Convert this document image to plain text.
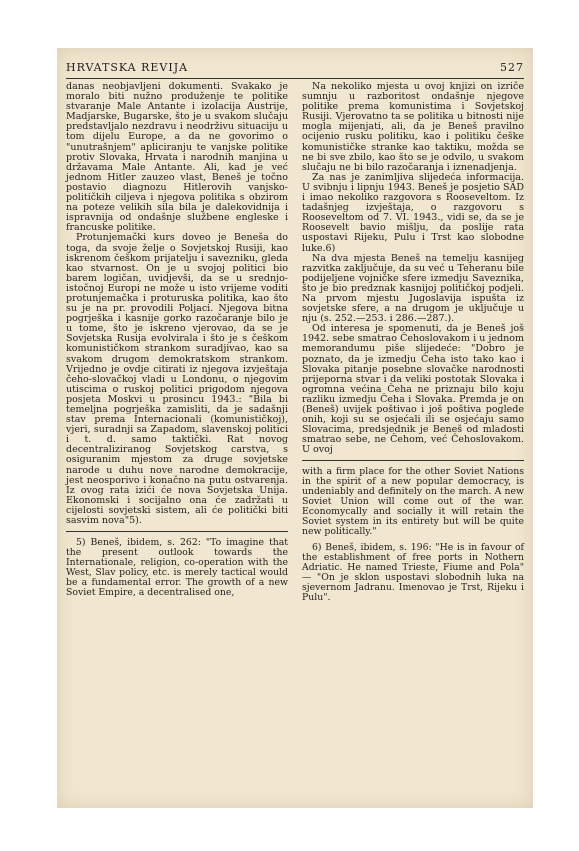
HRVATSKA REVIJA	527

danas neobjavljeni dokumenti. Svakako je moralo biti nužno produženje te politike stvaranje Male Antante i izolacija Austrije, Madjarske, Bugarske, što je u svakom slučaju predstavljalo nezdravu i neodrživu situaciju u tom dijelu Europe, a da ne govorimo o "unutrašnjem" apliciranju te vanjske politike protiv Slovaka, Hrvata i narodnih manjina u državama Male Antante. Ali, kad je već jednom Hitler zauzeo vlast, Beneš je točno postavio diagnozu Hitlerovih vanjsko-političkih ciljeva i njegova politika s obzirom na poteze velikih sila bila je dalekovidnija i ispravnija od ondašnje službene engleske i francuske politike.

Protunjemački kurs doveo je Beneša do toga, da svoje želje o Sovjetskoj Rusiji, kao iskrenom češkom prijatelju i savezniku, gleda kao stvarnost. On je u svojoj politici bio barem logičan, uvidjevši, da se u srednjo-istočnoj Europi ne može u isto vrijeme voditi protunjemačka i proturuska politika, kao što su je na pr. provodili Poljaci. Njegova bitna pogrješka i kasnije gorko razočaranje bilo je u tome, što je iskreno vjerovao, da se je Sovjetska Rusija evolvirala i što je s češkom komunističkom strankom suradjivao, kao sa svakom drugom demokratskom strankom. Vrijedno je ovdje citirati iz njegova izvještaja čeho-slovačkoj vladi u Londonu, o njegovim utiscima o ruskoj politici prigodom njegova posjeta Moskvi u prosincu 1943.: "Bila bi temeljna pogrješka zamisliti, da je sadašnji stav prema Internacionali (komunističkoj), vjeri, suradnji sa Zapadom, slavenskoj politici i t. d. samo taktički. Rat novog decentraliziranog Sovjetskog carstva, s osiguranim mjestom za druge sovjetske narode u duhu nove narodne demokracije, jest neosporivo i konačno na putu ostvarenja. Iz ovog rata izići će nova Sovjetska Unija. Ekonomski i socijalno ona će zadržati u cijelosti sovjetski sistem, ali će politički biti sasvim nova"5).

5) Beneš, ibidem, s. 262: "To imagine that the present outlook towards the Internationale, religion, co-operation with the West, Slav policy, etc. is merely tactical would be a fundamental error. The growth of a new Soviet Empire, a decentralised one,

Na nekoliko mjesta u ovoj knjizi on izriče sumnju u razboritost ondašnje njegove politike prema komunistima i Sovjetskoj Rusiji. Vjerovatno ta se politika u bitnosti nije mogla mijenjati, ali, da je Beneš pravilno ocijenio rusku politiku, kao i politiku češke komunističke stranke kao taktiku, možda se ne bi sve zbilo, kao što se je odvilo, u svakom slučaju ne bi bilo razočaranja i iznenadjenja.

Za nas je zanimljiva slijedeća informacija. U svibnju i lipnju 1943. Beneš je posjetio SAD i imao nekoliko razgovora s Rooseveltom. Iz tadašnjeg izvještaja, o razgovoru s Rooseveltom od 7. VI. 1943., vidi se, da se je Roosevelt bavio mišlju, da poslije rata uspostavi Rijeku, Pulu i Trst kao slobodne luke.6)

Na dva mjesta Beneš na temelju kasnijeg razvitka zaključuje, da su već u Teheranu bile podijeljene vojničke sfere izmedju Saveznika, što je bio predznak kasnijoj političkoj podjeli. Na prvom mjestu Jugoslavija ispušta iz sovjetske sfere, a na drugom je uključuje u nju (s. 252.—253. i 286.—287.).

Od interesa je spomenuti, da je Beneš još 1942. sebe smatrao Čehoslovakom i u jednom memorandumu piše slijedeće: "Dobro je poznato, da je izmedju Čeha isto tako kao i Slovaka pitanje posebne slovačke narodnosti prijeporna stvar i da veliki postotak Slovaka i ogromna većina Čeha ne priznaju bilo koju razliku izmedju Čeha i Slovaka. Premda je on (Beneš) uvijek poštivao i još poštiva poglede onih, koji su se osjećali ili se osjećaju samo Slovacima, predsjednik je Beneš od mladosti smatrao sebe, ne Čehom, već Čehoslovakom. U ovoj

with a firm place for the other Soviet Nations in the spirit of a new popular democracy, is undeniably and definitely on the march. A new Soviet Union will come out of the war. Economycally and socially it will retain the Soviet system in its entirety but will be quite new politically."

6) Beneš, ibidem, s. 196: "He is in favour of the establishment of free ports in Nothern Adriatic. He named Trieste, Fiume and Pola" — "On je sklon uspostavi slobodnih luka na sjevernom Jadranu. Imenovao je Trst, Rijeku i Pulu".
